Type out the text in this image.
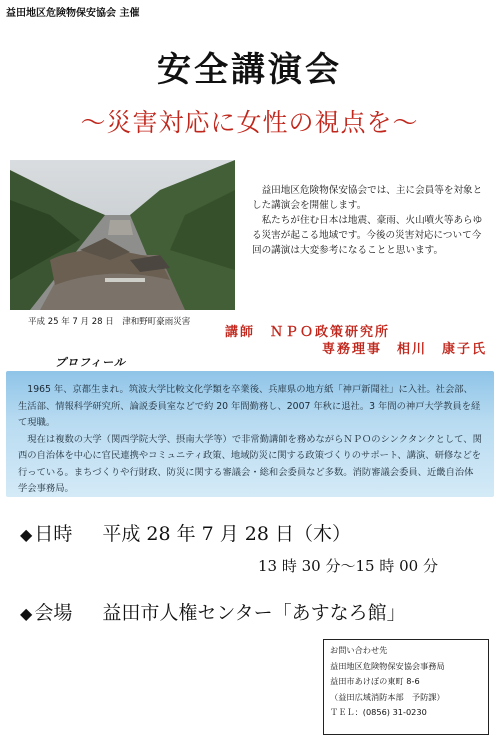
益田地区危険物保安協会 主催
安全講演会
～災害対応に女性の視点を～
平成 25 年 7 月 28 日　津和野町豪雨災害

益田地区危険物保安協会では、主に会員等を対象とした講演会を開催します。

私たちが住む日本は地震、豪雨、火山噴火等あらゆる災害が起こる地域です。今後の災害対応について今回の講演は大変参考になることと思います。

講師　ＮＰＯ政策研究所
専務理事　相川　康子氏
プロフィール

1965 年、京都生まれ。筑波大学比較文化学類を卒業後、兵庫県の地方紙「神戸新聞社」に入社。社会部、生活部、情報科学研究所、論説委員室などで約 20 年間勤務し、2007 年秋に退社。3 年間の神戸大学教員を経て現職。

現在は複数の大学（関西学院大学、摂南大学等）で非常勤講師を務めながらＮＰＯのシンクタンクとして、関西の自治体を中心に官民連携やコミュニティ政策、地域防災に関する政策づくりのサポート、講演、研修などを行っている。まちづくりや行財政、防災に関する審議会・総和会委員など多数。消防審議会委員、近畿自治体学会事務局。

◆ 日時 平成 28 年 7 月 28 日（木）
13 時 30 分～15 時 00 分
◆ 会場 益田市人権センター「あすなろ館」
お問い合わせ先
益田地区危険物保安協会事務局
益田市あけぼの東町 8-6
（益田広域消防本部　予防課）
ＴＥＬ：(0856) 31-0230
